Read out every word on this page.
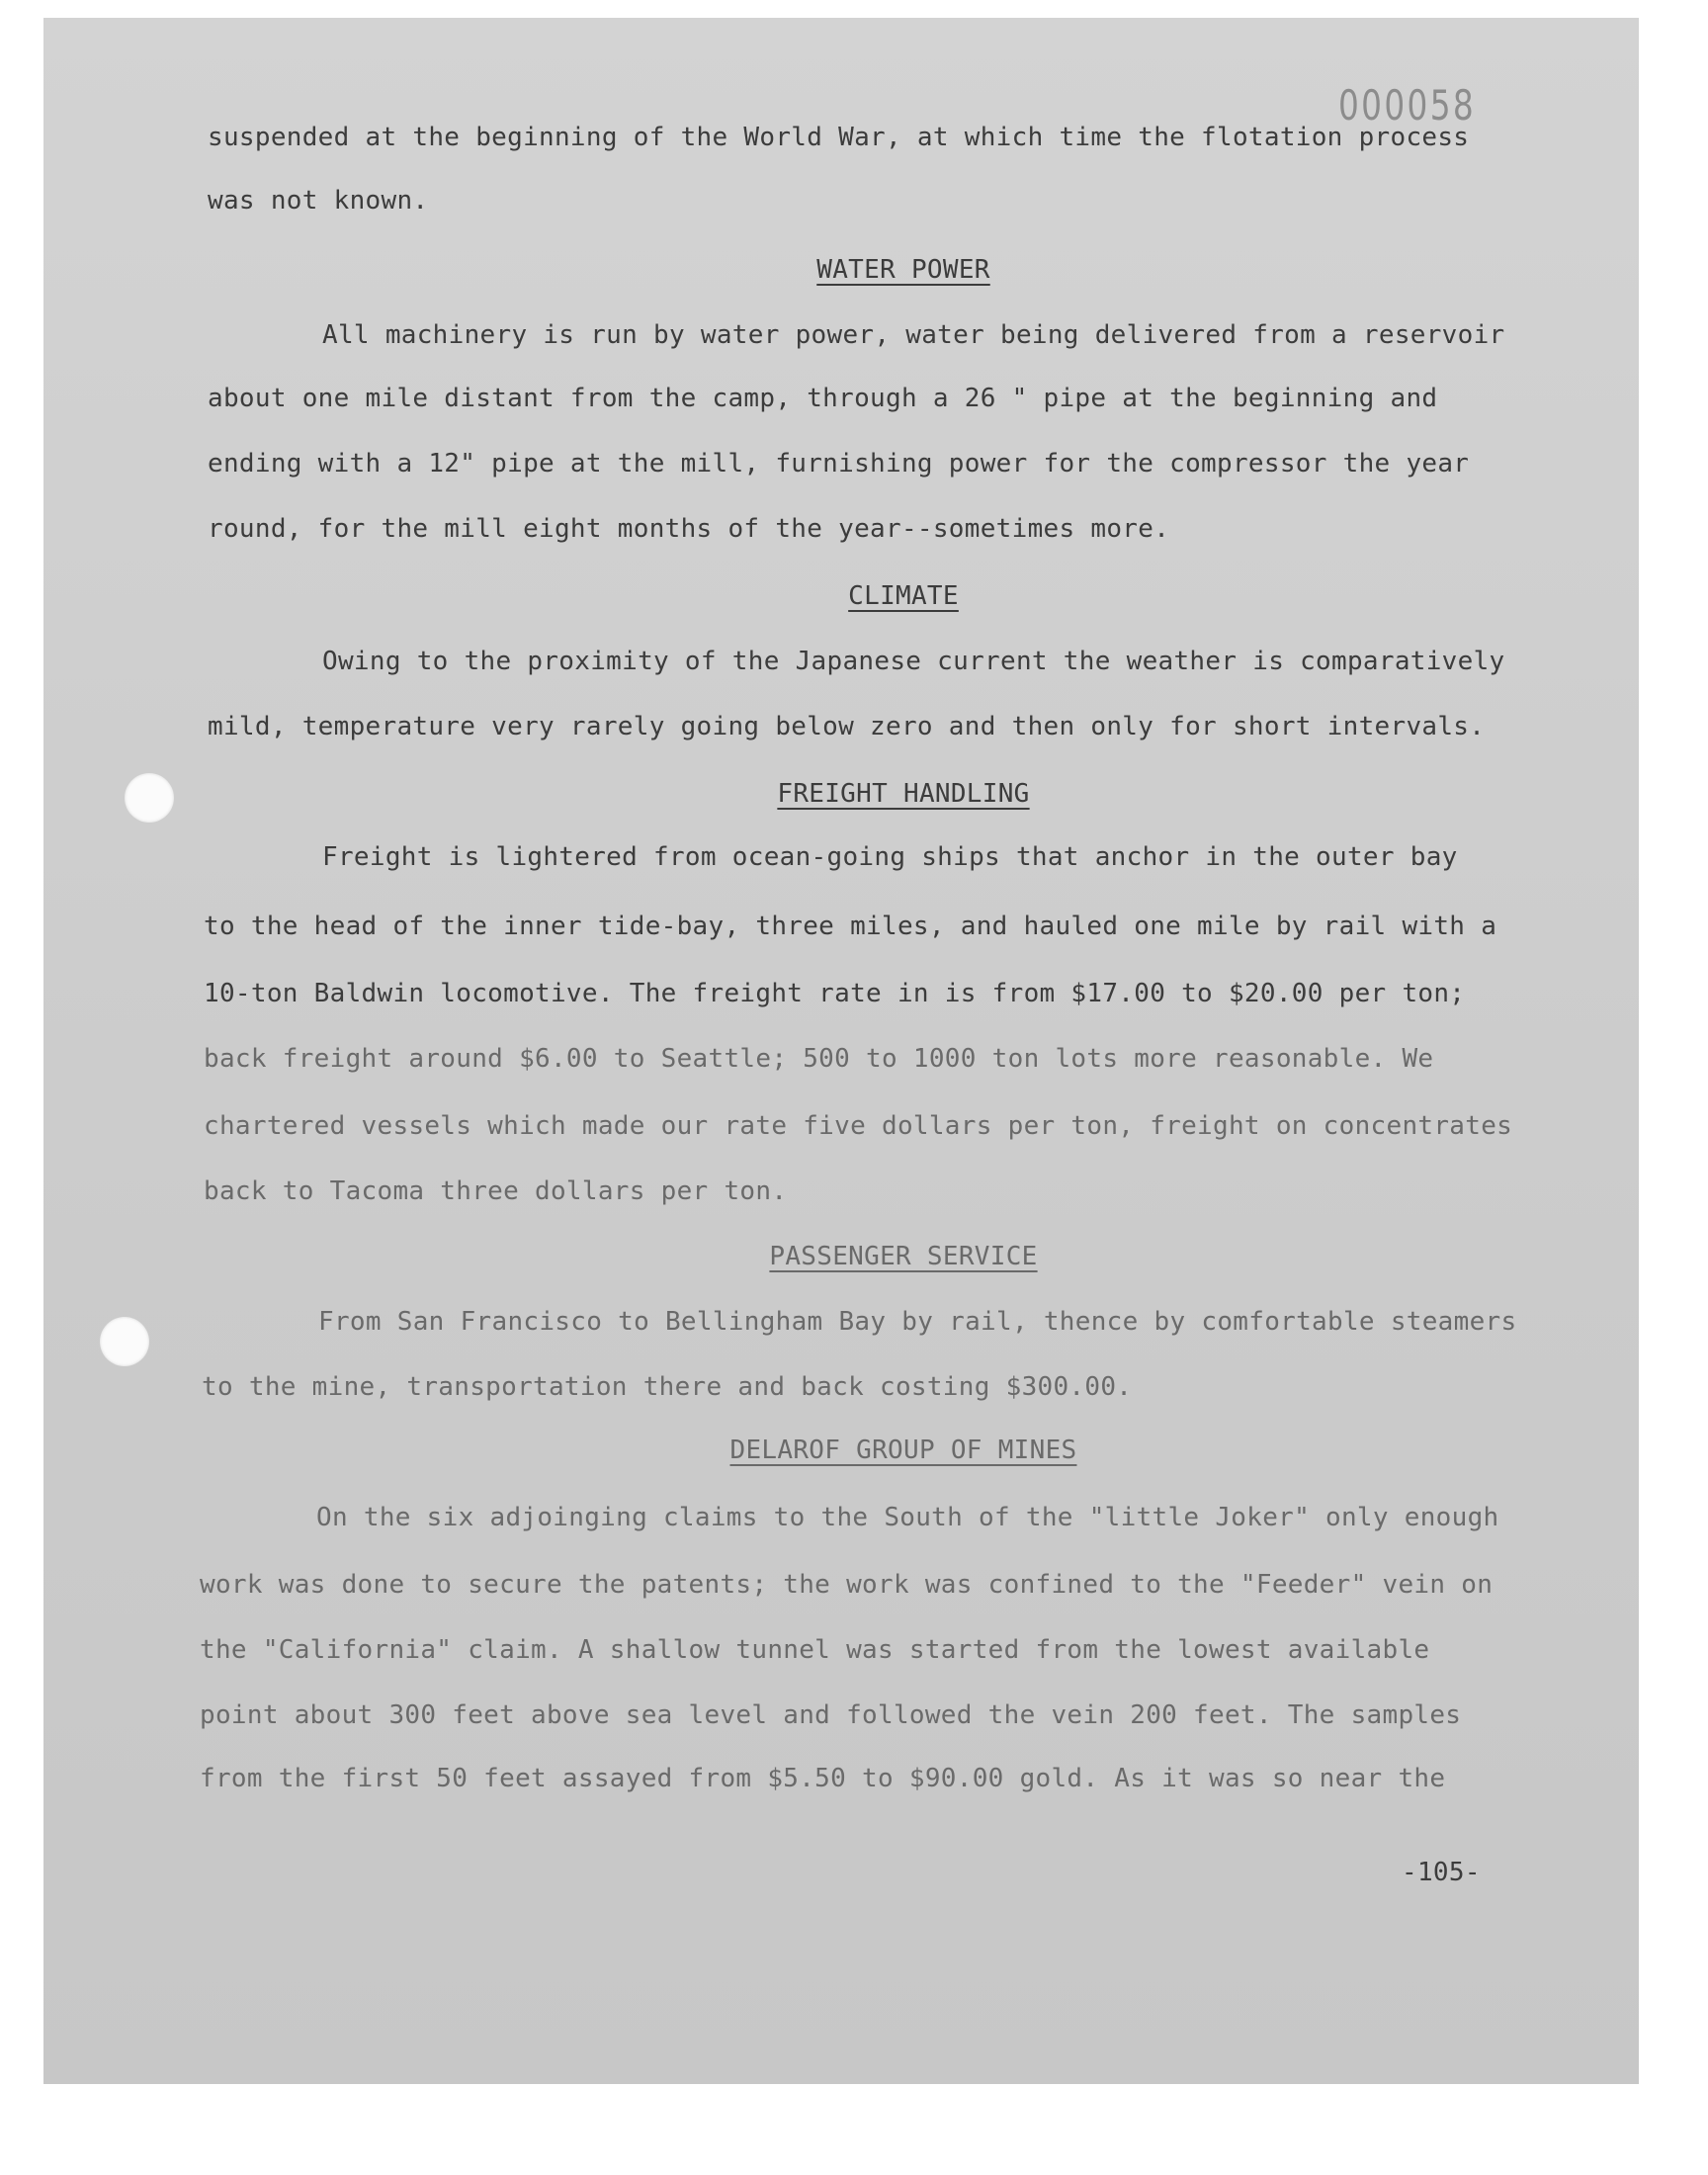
000058

suspended at the beginning of the World War, at which time the flotation process

was not known.

WATER POWER

All machinery is run by water power, water being delivered from a reservoir

about one mile distant from the camp, through a 26 " pipe at the beginning and

ending with a 12" pipe at the mill, furnishing power for the compressor the year

round, for the mill eight months of the year--sometimes more.

CLIMATE

Owing to the proximity of the Japanese current the weather is comparatively

mild, temperature very rarely going below zero and then only for short intervals.

FREIGHT HANDLING

Freight is lightered from ocean-going ships that anchor in the outer bay

to the head of the inner tide-bay, three miles, and hauled one mile by rail with a

10-ton Baldwin locomotive. The freight rate in is from $17.00 to $20.00 per ton;

back freight around $6.00 to Seattle; 500 to 1000 ton lots more reasonable. We

chartered vessels which made our rate five dollars per ton, freight on concentrates

back to Tacoma three dollars per ton.

PASSENGER SERVICE

From San Francisco to Bellingham Bay by rail, thence by comfortable steamers

to the mine, transportation there and back costing $300.00.

DELAROF GROUP OF MINES

On the six adjoinging claims to the South of the "little Joker" only enough

work was done to secure the patents; the work was confined to the "Feeder" vein on

the "California" claim. A shallow tunnel was started from the lowest available

point about 300 feet above sea level and followed the vein 200 feet. The samples

from the first 50 feet assayed from $5.50 to $90.00 gold. As it was so near the

-105-
